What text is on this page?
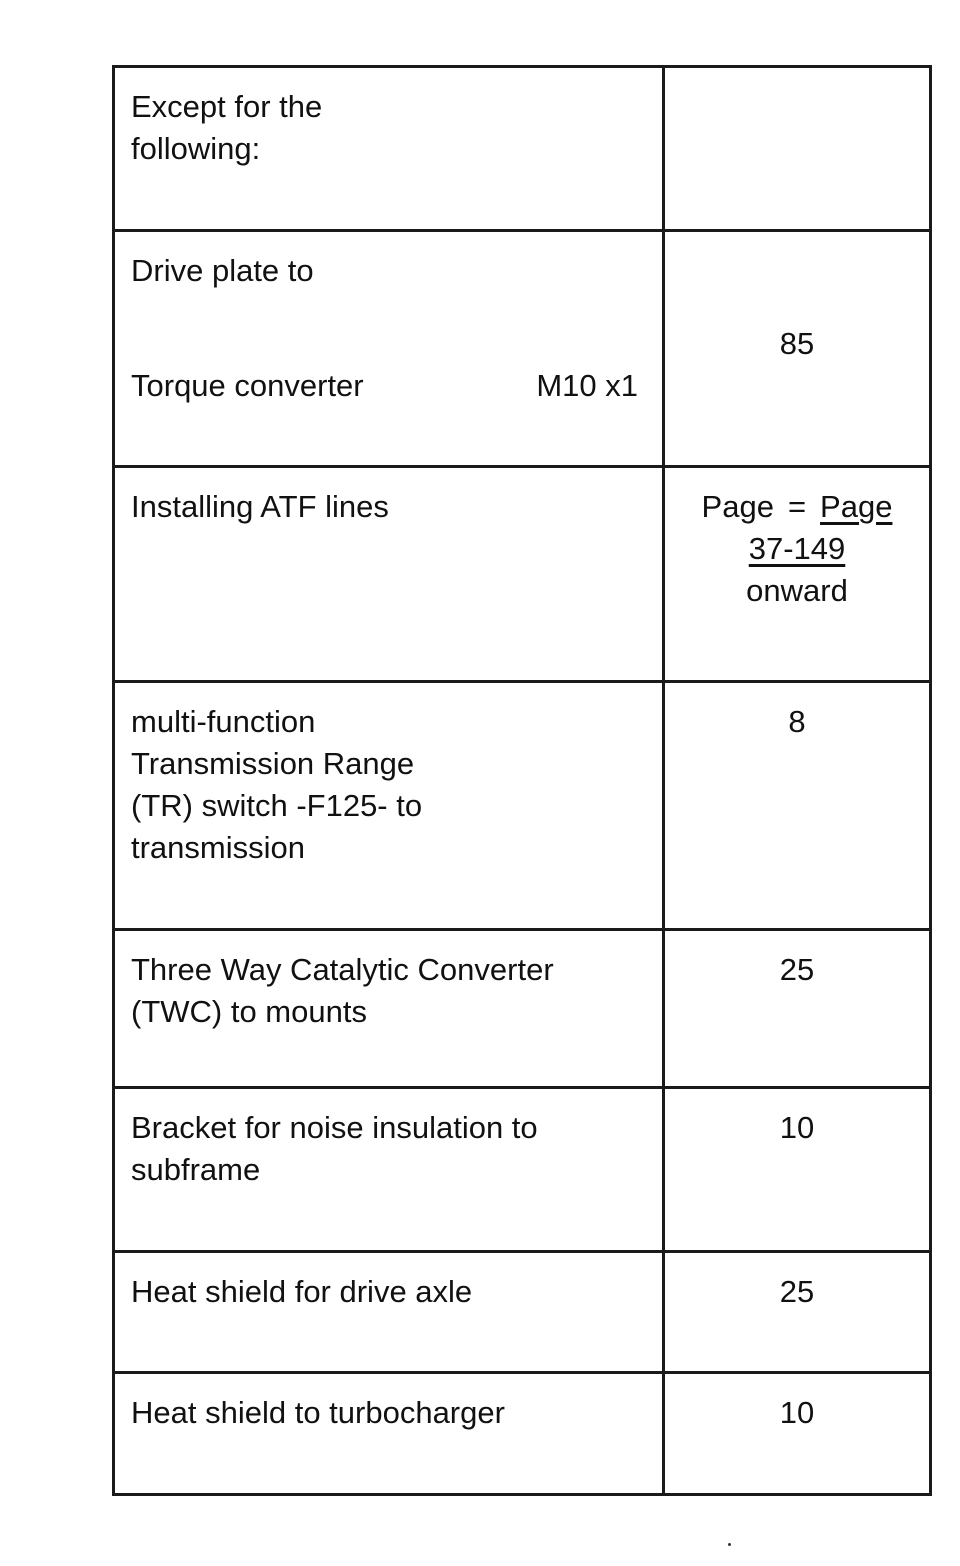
Except for the
following:	

Drive plate to
Torque converter M10 x1	85

Installing ATF lines	Page = Page
37-149
onward

multi-function
Transmission Range
(TR) switch -F125- to
transmission	8

Three Way Catalytic Converter
(TWC) to mounts	25

Bracket for noise insulation to
subframe	10

Heat shield for drive axle	25

Heat shield to turbocharger	10
